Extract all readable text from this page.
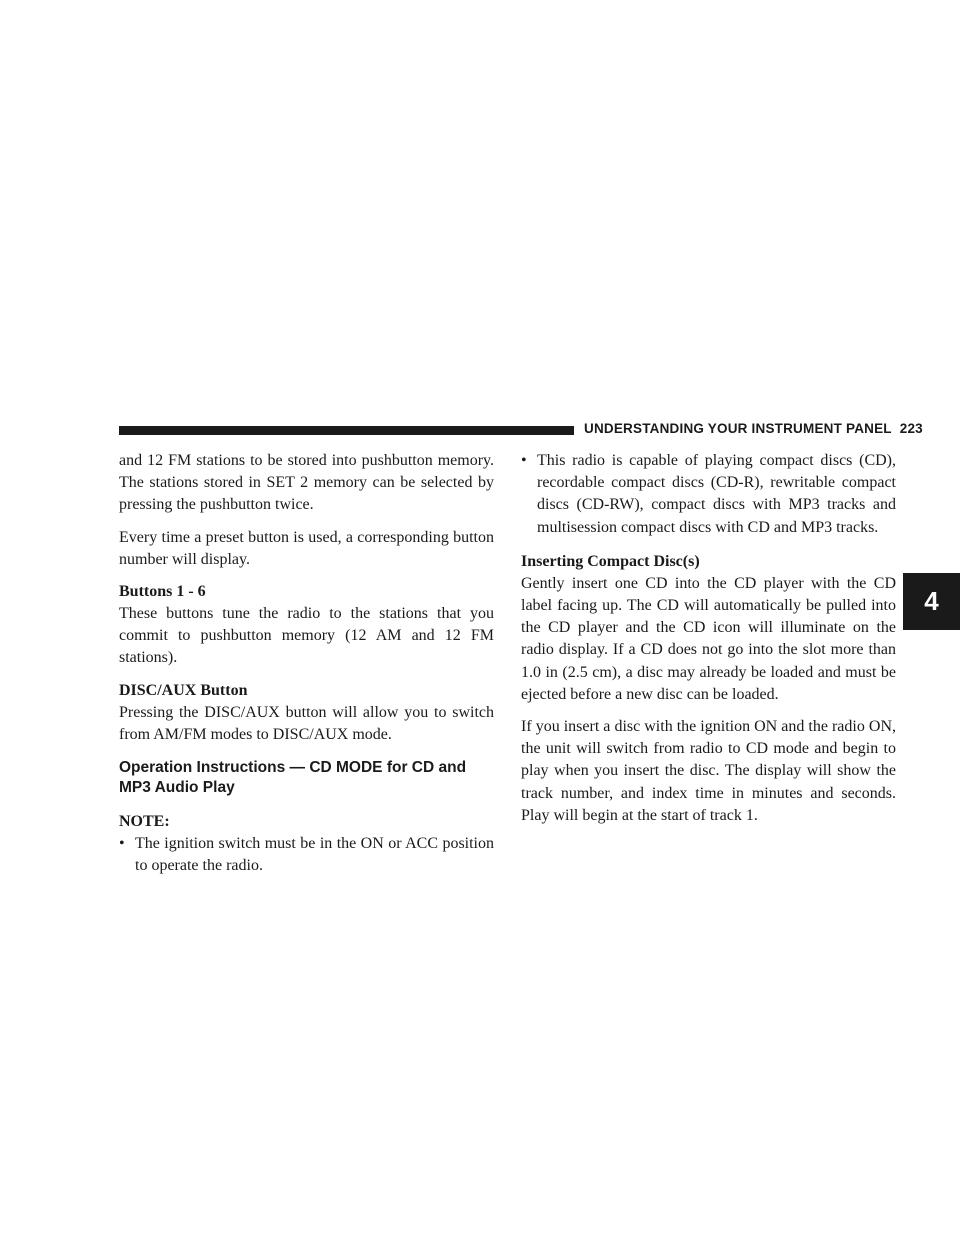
UNDERSTANDING YOUR INSTRUMENT PANEL 223
4

and 12 FM stations to be stored into pushbutton memory. The stations stored in SET 2 memory can be selected by pressing the pushbutton twice.

Every time a preset button is used, a corresponding button number will display.

Buttons 1 - 6

These buttons tune the radio to the stations that you commit to pushbutton memory (12 AM and 12 FM stations).

DISC/AUX Button

Pressing the DISC/AUX button will allow you to switch from AM/FM modes to DISC/AUX mode.

Operation Instructions — CD MODE for CD and
MP3 Audio Play
NOTE:
• The ignition switch must be in the ON or ACC position to operate the radio.

• This radio is capable of playing compact discs (CD), recordable compact discs (CD-R), rewritable compact discs (CD-RW), compact discs with MP3 tracks and multisession compact discs with CD and MP3 tracks.

Inserting Compact Disc(s)

Gently insert one CD into the CD player with the CD label facing up. The CD will automatically be pulled into the CD player and the CD icon will illuminate on the radio display. If a CD does not go into the slot more than 1.0 in (2.5 cm), a disc may already be loaded and must be ejected before a new disc can be loaded.

If you insert a disc with the ignition ON and the radio ON, the unit will switch from radio to CD mode and begin to play when you insert the disc. The display will show the track number, and index time in minutes and seconds. Play will begin at the start of track 1.
